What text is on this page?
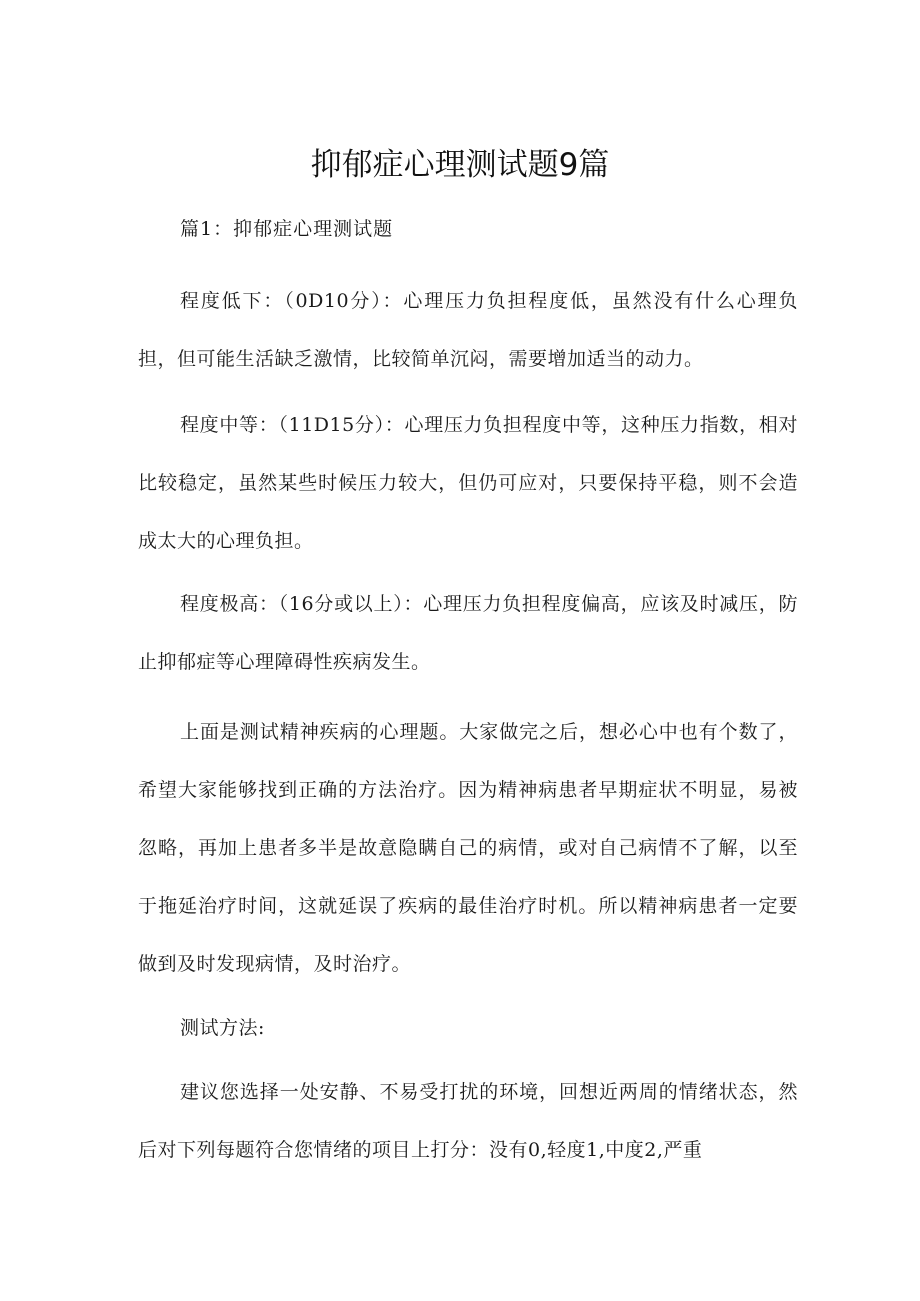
抑郁症心理测试题9篇
篇1：抑郁症心理测试题

程度低下：（0D10分）：心理压力负担程度低，虽然没有什么心理负担，但可能生活缺乏激情，比较简单沉闷，需要增加适当的动力。

程度中等：（11D15分）：心理压力负担程度中等，这种压力指数，相对比较稳定，虽然某些时候压力较大，但仍可应对，只要保持平稳，则不会造成太大的心理负担。

程度极高：（16分或以上）：心理压力负担程度偏高，应该及时减压，防止抑郁症等心理障碍性疾病发生。

上面是测试精神疾病的心理题。大家做完之后，想必心中也有个数了，希望大家能够找到正确的方法治疗。因为精神病患者早期症状不明显，易被忽略，再加上患者多半是故意隐瞒自己的病情，或对自己病情不了解，以至于拖延治疗时间，这就延误了疾病的最佳治疗时机。所以精神病患者一定要做到及时发现病情，及时治疗。

测试方法:

建议您选择一处安静、不易受打扰的环境，回想近两周的情绪状态，然后对下列每题符合您情绪的项目上打分：没有0,轻度1,中度2,严重
